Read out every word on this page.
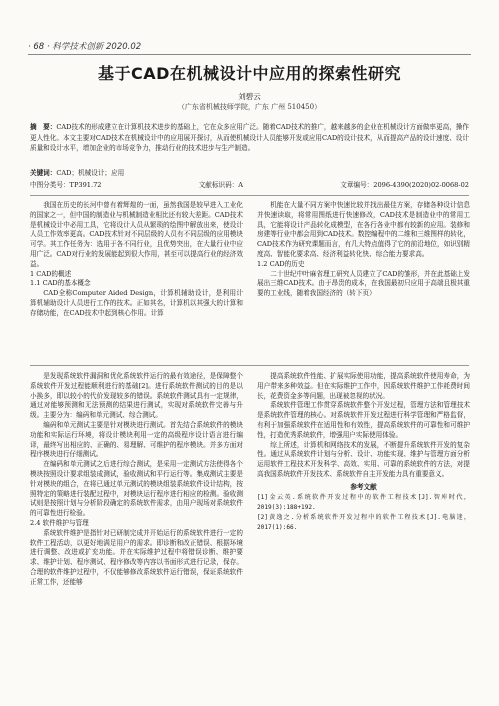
· 68 · 科学技术创新 2020.02
基于CAD在机械设计中应用的探索性研究
刘碧云
（广东省机械技师学院，广东 广州 510450）
摘　要：CAD技术的形成建立在计算机技术进步的基础上，它在众多应用广泛。随着CAD技术的推广，越来越多的企业在机械设计方面做率更高，操作更人性化。本文主要对CAD技术在机械设计中的应用展开探讨，从而使机械设计人员能够开发或应用CAD的设计技术，从而提高产品的设计速度、设计质量和设计水平，增加企业的市场竞争力，推动行业的技术进步与生产制造。
关键词：CAD；机械设计；应用
中图分类号：TP391.72	文献标识码：A	文章编号：2096-4390(2020)02-0068-02

我国在历史的长河中曾有着辉煌的一面，虽然我国是较早进入工业化的国家之一，但中国的制造业与机械制造业相比还有较大差距。CAD技术是机械设计中必用工具，它将设计人员从繁琐的绘图中解放出来，使设计人员工作效率更高。CAD技术针对不同层级的人员有不同层级的应用模块可学。其工作任务为：选用于各不同行业，且优势突出，在大量行业中应用广泛。CAD对行业的发展能起到很大作用，甚至可以提高行业的经济效益。

1 CAD的概述

1.1 CAD的基本概念

CAD全称Computer Aided Design，计算机辅助设计，是利用计算机辅助设计人员进行工作的技术。正如其名，计算机以其强大的计算和存储功能，在CAD技术中起到核心作用。计算

机能在大量不同方案中快速比较并找出最佳方案，存储各种设计信息并快速读取，将常用图纸进行快速修改，CAD技术是制造业中的常用工具，它能将设计产品转化成模型，在各行各业中都有较新的应用。装修和房建等行业中都会用到CAD技术。数控编程中的二维和三维图样的转化，CAD技术作为研究课题而言，有几大特点值得了它的前沿地位，如识别精度高、智能化要求高、经济利益转化快、综合能力要求高。

1.2 CAD的历史

二十世纪中叶麻省理工研究人员建立了CAD的雏形，并在此基础上发展出三维CAD技术。由于昂贵的成本，在我国最初只应用于高端且极其重要的工业线，随着我国经济的（转下页）

是发现系统软件漏洞和优化系统软件运行的最有效途径，是保障整个系统软件开发过程能顺利进行的基础[2]。进行系统软件测试的目的是以小换多，即以较小的代价发现较多的错误。系统软件测试具有一定规律，通过对能够预测和无法预测的结果进行测试，实现对系统软件完善与升级。主要分为：编码和单元测试、综合测试。

编码和单元测试主要是针对模块进行测试。首先结合系统软件的模块功能和实际运行环境，将设计模块利用一定的高级程序设计语言进行编译，最终写出相应的、正确的、易理解、可维护的程序模块。并多方面对程序模块进行仔细测试。

在编码和单元测试之后进行综合测试，是采用一定测试方法使得各个模块按照设计要求组装成测试，验收测试和平行运行等。集成测试主要是针对模块的组合，在将已通过单元测试的模块组装系统软件设计结构，按照特定的策略进行装配过程中，对模块运行程序进行相应的检测。验收测试则是按照计划与分析阶段确定的系统软件需求，由用户现场对系统软件的可靠性进行检验。

2.4 软件维护与管理

系统软件维护是指针对已研制完成并开始运行的系统软件进行一定的软件工程活动，以更好地满足用户的需求。即诊断和改正错误、根据环境进行调整、改进或扩充功能。并在实际维护过程中将错误诊断、维护要求、维护计划、程序测试、程序修改等内容以书面形式进行记录，保存。合理的软件维护过程中，不仅能够修改系统软件运行错误，保证系统软件正常工作，还能够

提高系统软件性能、扩展实际使用功能，提高系统软件使用寿命，为用户带来多种效益。但在实际维护工作中，因系统软件维护工作耗费时间长，花费资金多等问题，出现被忽视的状况。

系统软件管理工作贯穿系统软件整个开发过程，管理方法和管理技术是系统软件管理的核心。对系统软件开发过程进行科学管理和严格监督，有利于加强系统软件在适用性和有效性，提高系统软件的可靠性和可维护性，打造优秀系统软件，增强用户实际使用体验。

综上所述，计算机和网络技术的发展，不断提升系统软件开发的复杂性。通过从系统软件计划与分析、设计、功能实现、维护与管理方面分析运用软件工程技术开发科学、高效、实用、可靠的系统软件的方法，对提高我国系统软件开发技术、系统软件自主开发能力具有重要意义。

参考文献

[1]金云英.系统软件开发过程中的软件工程技术[J].智库时代，2019(3):188+192.

[2]黄逸之.分析系统软件开发过程中的软件工程技术[J].电脑迷，2017(1):66.
